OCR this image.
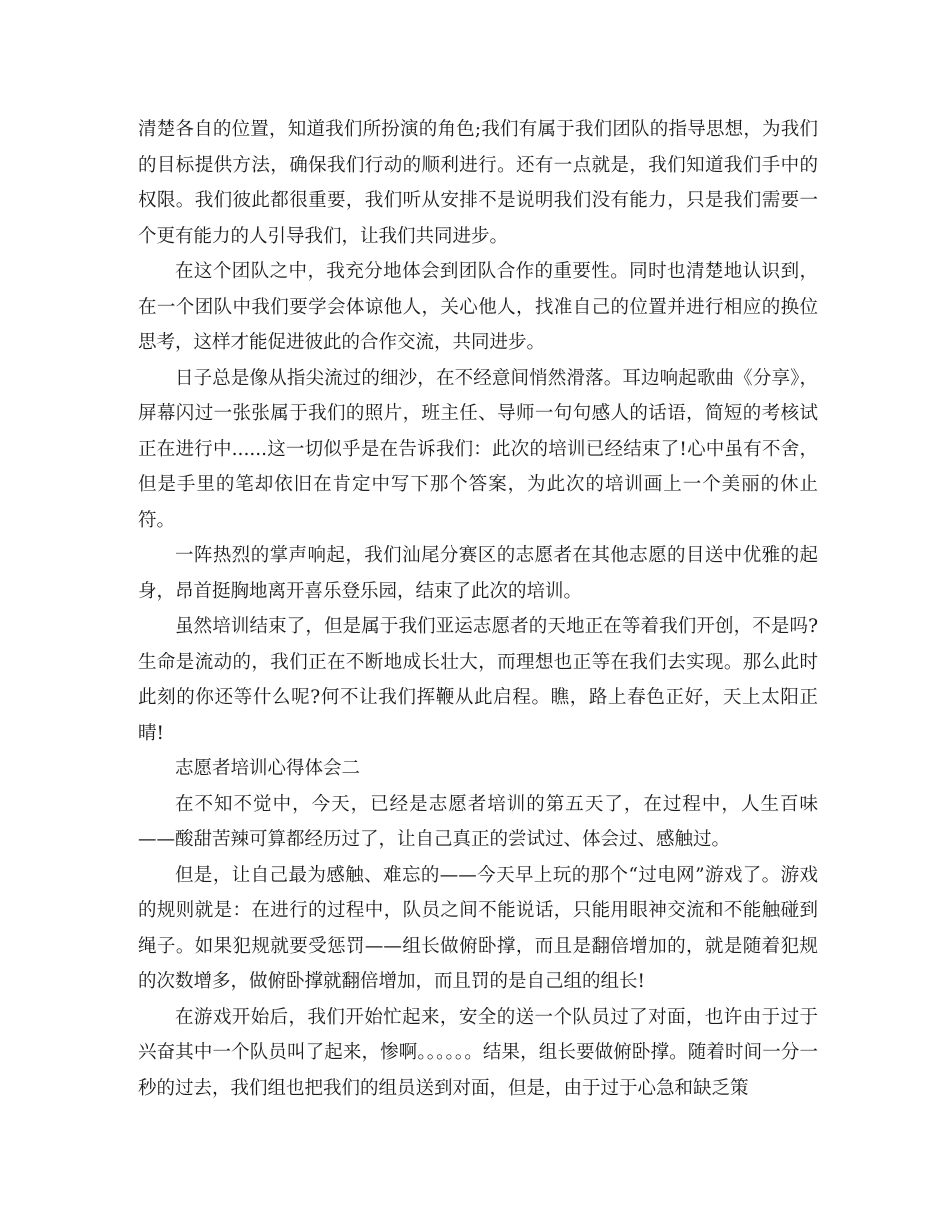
清楚各自的位置，知道我们所扮演的角色;我们有属于我们团队的指导思想，为我们的目标提供方法，确保我们行动的顺利进行。还有一点就是，我们知道我们手中的权限。我们彼此都很重要，我们听从安排不是说明我们没有能力，只是我们需要一个更有能力的人引导我们，让我们共同进步。

在这个团队之中，我充分地体会到团队合作的重要性。同时也清楚地认识到，在一个团队中我们要学会体谅他人，关心他人，找准自己的位置并进行相应的换位思考，这样才能促进彼此的合作交流，共同进步。

日子总是像从指尖流过的细沙，在不经意间悄然滑落。耳边响起歌曲《分享》，屏幕闪过一张张属于我们的照片，班主任、导师一句句感人的话语，简短的考核试正在进行中......这一切似乎是在告诉我们：此次的培训已经结束了!心中虽有不舍，但是手里的笔却依旧在肯定中写下那个答案，为此次的培训画上一个美丽的休止符。

一阵热烈的掌声响起，我们汕尾分赛区的志愿者在其他志愿的目送中优雅的起身，昂首挺胸地离开喜乐登乐园，结束了此次的培训。

虽然培训结束了，但是属于我们亚运志愿者的天地正在等着我们开创，不是吗?生命是流动的，我们正在不断地成长壮大，而理想也正等在我们去实现。那么此时此刻的你还等什么呢?何不让我们挥鞭从此启程。瞧，路上春色正好，天上太阳正晴!

志愿者培训心得体会二

在不知不觉中，今天，已经是志愿者培训的第五天了，在过程中，人生百味——酸甜苦辣可算都经历过了，让自己真正的尝试过、体会过、感触过。

但是，让自己最为感触、难忘的——今天早上玩的那个“过电网”游戏了。游戏的规则就是：在进行的过程中，队员之间不能说话，只能用眼神交流和不能触碰到绳子。如果犯规就要受惩罚——组长做俯卧撑，而且是翻倍增加的，就是随着犯规的次数增多，做俯卧撑就翻倍增加，而且罚的是自己组的组长!

在游戏开始后，我们开始忙起来，安全的送一个队员过了对面，也许由于过于兴奋其中一个队员叫了起来，惨啊。。。。。。结果，组长要做俯卧撑。随着时间一分一秒的过去，我们组也把我们的组员送到对面，但是，由于过于心急和缺乏策
